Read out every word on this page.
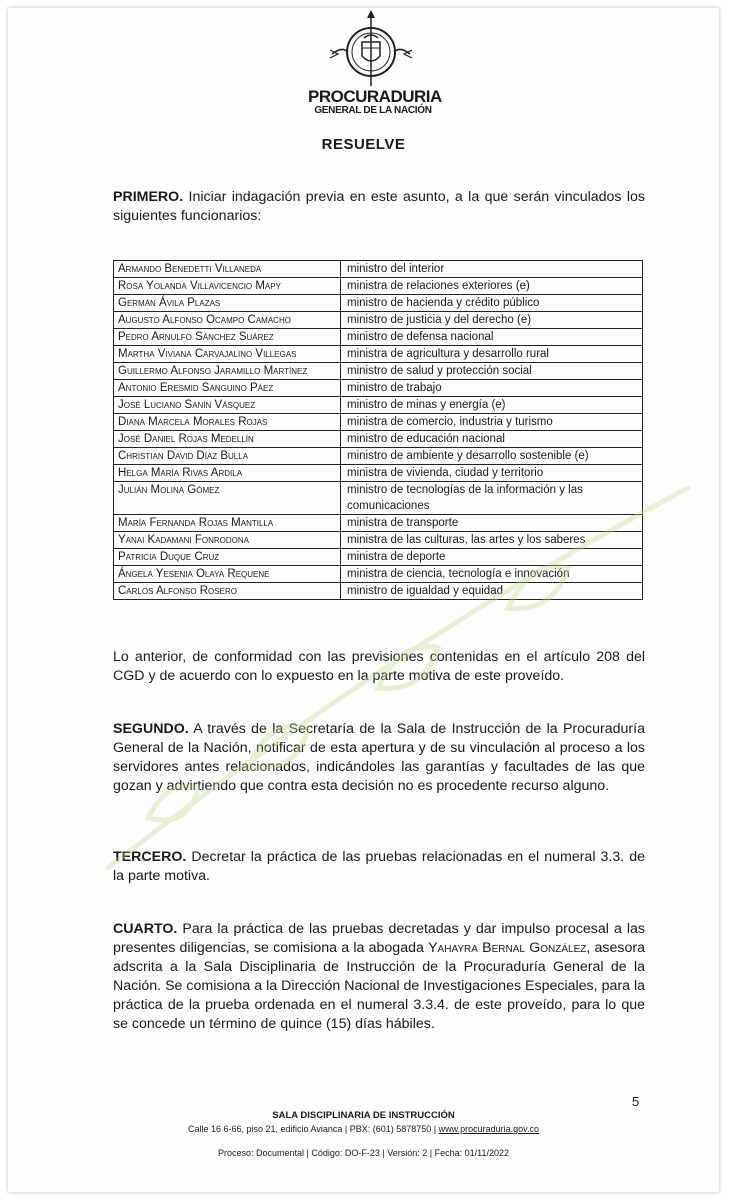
PROCURADURIA
GENERAL DE LA NACIÓN
RESUELVE
PRIMERO. Iniciar indagación previa en este asunto, a la que serán vinculados los siguientes funcionarios:
Armando Benedetti Villaneda	ministro del interior
Rosa Yolanda Villavicencio Mapy	ministra de relaciones exteriores (e)
Germán Ávila Plazas	ministro de hacienda y crédito público
Augusto Alfonso Ocampo Camacho	ministro de justicia y del derecho (e)
Pedro Arnulfo Sánchez Suárez	ministro de defensa nacional
Martha Viviana Carvajalino Villegas	ministra de agricultura y desarrollo rural
Guillermo Alfonso Jaramillo Martínez	ministro de salud y protección social
Antonio Eresmid Sanguino Páez	ministro de trabajo
José Luciano Sanín Vásquez	ministro de minas y energía (e)
Diana Marcela Morales Rojas	ministra de comercio, industria y turismo
José Daniel Rojas Medellín	ministro de educación nacional
Christian David Díaz Bulla	ministro de ambiente y desarrollo sostenible (e)
Helga María Rivas Ardila	ministra de vivienda, ciudad y territorio
Julián Molina Gómez	ministro de tecnologías de la información y las comunicaciones
María Fernanda Rojas Mantilla	ministra de transporte
Yanai Kadamani Fonrodona	ministra de las culturas, las artes y los saberes
Patricia Duque Cruz	ministra de deporte
Ángela Yesenia Olaya Requene	ministra de ciencia, tecnología e innovación
Carlos Alfonso Rosero	ministro de igualdad y equidad
Lo anterior, de conformidad con las previsiones contenidas en el artículo 208 del CGD y de acuerdo con lo expuesto en la parte motiva de este proveído.
SEGUNDO. A través de la Secretaría de la Sala de Instrucción de la Procuraduría General de la Nación, notificar de esta apertura y de su vinculación al proceso a los servidores antes relacionados, indicándoles las garantías y facultades de las que gozan y advirtiendo que contra esta decisión no es procedente recurso alguno.
TERCERO. Decretar la práctica de las pruebas relacionadas en el numeral 3.3. de la parte motiva.
CUARTO. Para la práctica de las pruebas decretadas y dar impulso procesal a las presentes diligencias, se comisiona a la abogada Yahayra Bernal González, asesora adscrita a la Sala Disciplinaria de Instrucción de la Procuraduría General de la Nación. Se comisiona a la Dirección Nacional de Investigaciones Especiales, para la práctica de la prueba ordenada en el numeral 3.3.4. de este proveído, para lo que se concede un término de quince (15) días hábiles.
5
SALA DISCIPLINARIA DE INSTRUCCIÓN
Calle 16 6-66, piso 21, edificio Avianca | PBX: (601) 5878750 | www.procuraduria.gov.co
Proceso: Documental | Código: DO-F-23 | Versión: 2 | Fecha: 01/11/2022
